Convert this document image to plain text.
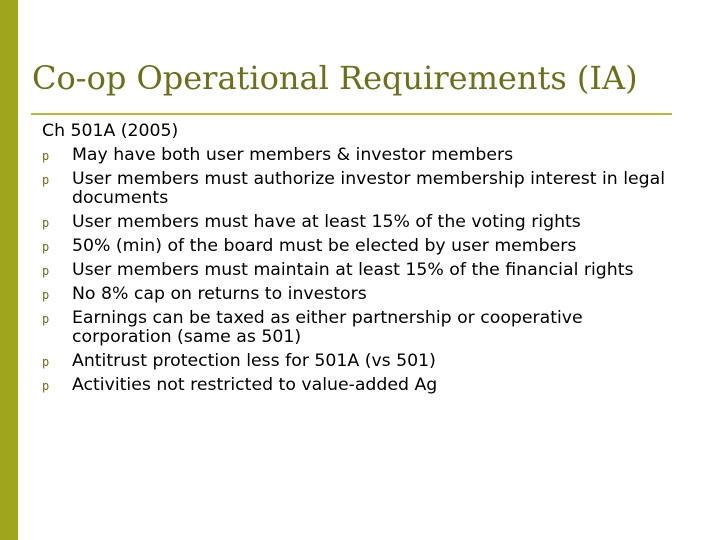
Co-op Operational Requirements (IA)

Ch 501A (2005)

p May have both user members & investor members
p User members must authorize investor membership interest in legal documents
p User members must have at least 15% of the voting rights
p 50% (min) of the board must be elected by user members
p User members must maintain at least 15% of the financial rights
p No 8% cap on returns to investors
p Earnings can be taxed as either partnership or cooperative corporation (same as 501)
p Antitrust protection less for 501A (vs 501)
p Activities not restricted to value-added Ag
